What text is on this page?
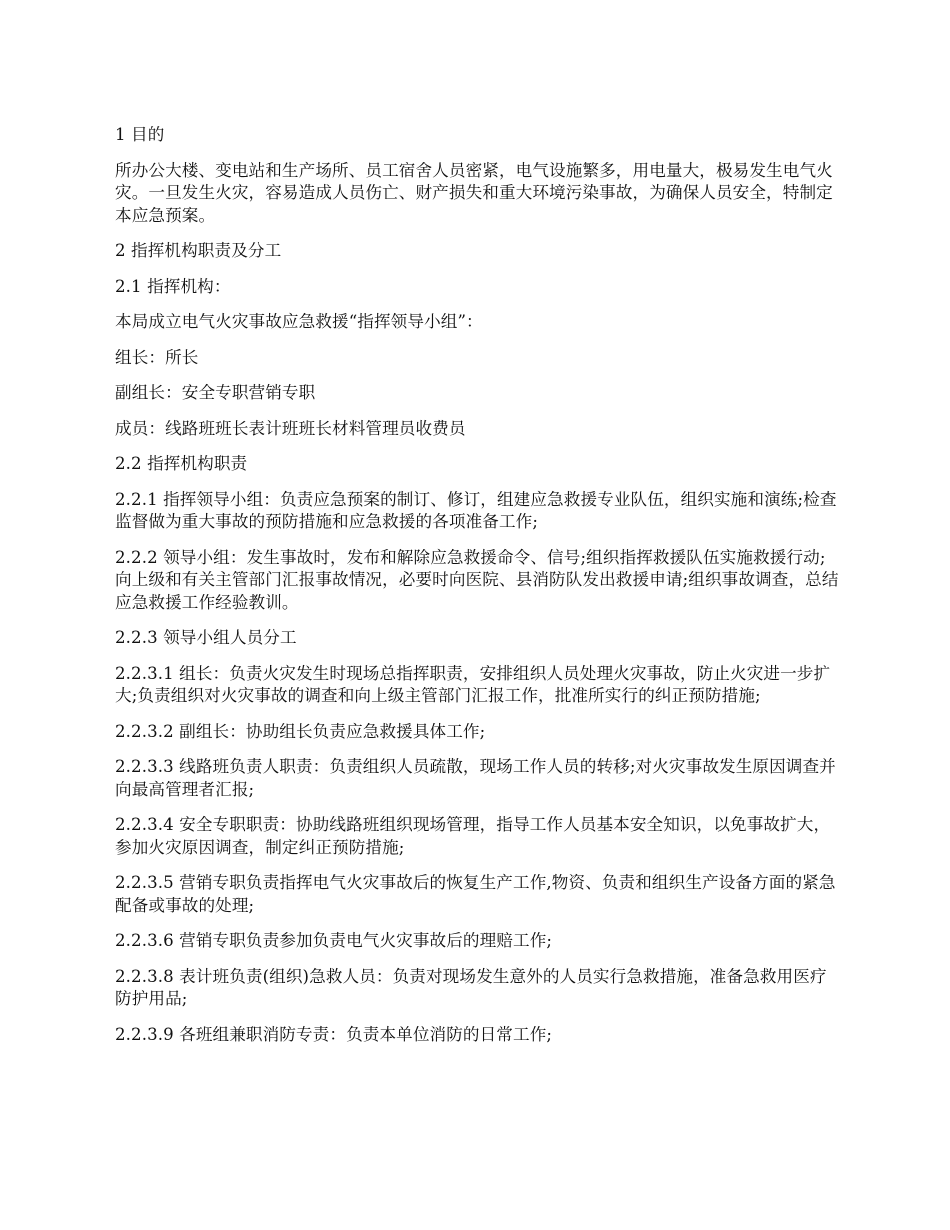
1 目的

所办公大楼、变电站和生产场所、员工宿舍人员密紧，电气设施繁多，用电量大，极易发生电气火灾。一旦发生火灾，容易造成人员伤亡、财产损失和重大环境污染事故，为确保人员安全，特制定本应急预案。

2 指挥机构职责及分工

2.1 指挥机构：

本局成立电气火灾事故应急救援“指挥领导小组”：

组长：所长

副组长：安全专职营销专职

成员：线路班班长表计班班长材料管理员收费员

2.2 指挥机构职责

2.2.1 指挥领导小组：负责应急预案的制订、修订，组建应急救援专业队伍，组织实施和演练;检查监督做为重大事故的预防措施和应急救援的各项准备工作;

2.2.2 领导小组：发生事故时，发布和解除应急救援命令、信号;组织指挥救援队伍实施救援行动;向上级和有关主管部门汇报事故情况，必要时向医院、县消防队发出救援申请;组织事故调查，总结应急救援工作经验教训。

2.2.3 领导小组人员分工

2.2.3.1 组长：负责火灾发生时现场总指挥职责，安排组织人员处理火灾事故，防止火灾进一步扩大;负责组织对火灾事故的调查和向上级主管部门汇报工作，批准所实行的纠正预防措施;

2.2.3.2 副组长：协助组长负责应急救援具体工作;

2.2.3.3 线路班负责人职责：负责组织人员疏散，现场工作人员的转移;对火灾事故发生原因调查并向最高管理者汇报;

2.2.3.4 安全专职职责：协助线路班组织现场管理，指导工作人员基本安全知识，以免事故扩大，参加火灾原因调查，制定纠正预防措施;

2.2.3.5 营销专职负责指挥电气火灾事故后的恢复生产工作,物资、负责和组织生产设备方面的紧急配备或事故的处理;

2.2.3.6 营销专职负责参加负责电气火灾事故后的理赔工作;

2.2.3.8 表计班负责(组织)急救人员：负责对现场发生意外的人员实行急救措施，准备急救用医疗防护用品;

2.2.3.9 各班组兼职消防专责：负责本单位消防的日常工作;
